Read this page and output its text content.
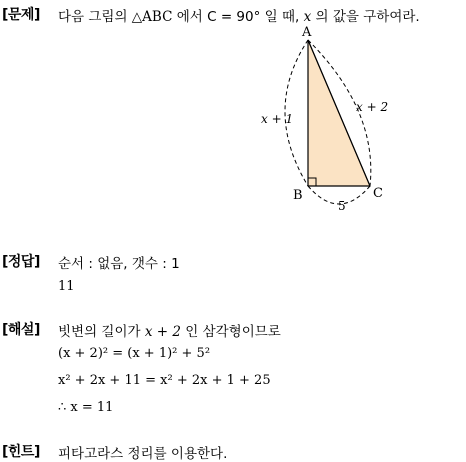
[문제] 다음 그림의 △ABC 에서 C = 90° 일 때, x 의 값을 구하여라.
A
B	C
x + 1
x + 2
5
[정답] 순서 : 없음, 갯수 : 1
11
[해설] 빗변의 길이가 x + 2 인 삼각형이므로
(x + 2)² = (x + 1)² + 5²
x² + 2x + 11 = x² + 2x + 1 + 25
∴ x = 11
[힌트] 피타고라스 정리를 이용한다.
